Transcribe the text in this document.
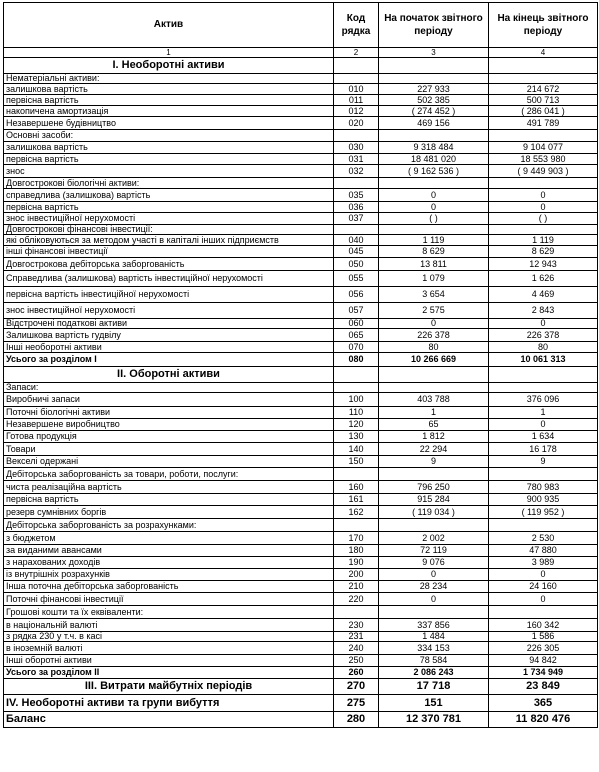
Актив	Код рядка	На початок звітного періоду	На кінець звітного періоду
1	2	3	4
I. Необоротні активи			
Нематеріальні активи:			
залишкова вартість	010	227 933	214 672
первісна вартість	011	502 385	500 713
накопичена амортизація	012	( 274 452 )	( 286 041 )
Незавершене будівництво	020	469 156	491 789
Основні засоби:			
залишкова вартість	030	9 318 484	9 104 077
первісна вартість	031	18 481 020	18 553 980
знос	032	( 9 162 536 )	( 9 449 903 )
Довгострокові біологічні активи:			
справедлива (залишкова) вартість	035	0	0
первісна вартість	036	0	0
знос інвестиційної нерухомості	037	( )	( )
Довгострокові фінансові інвестиції:			
які обліковуються за методом участі в капіталі інших підприємств	040	1 119	1 119
інші фінансові інвестиції	045	8 629	8 629
Довгострокова дебіторська заборгованість	050	13 811	12 943
Справедлива (залишкова) вартість інвестиційної нерухомості	055	1 079	1 626
первісна вартість інвестиційної нерухомості	056	3 654	4 469
знос інвестиційної нерухомості	057	2 575	2 843
Відстрочені податкові активи	060	0	0
Залишкова вартість гудвілу	065	226 378	226 378
Інші необоротні активи	070	80	80
Усього за розділом I	080	10 266 669	10 061 313
II. Оборотні активи			
Запаси:			
Виробничі запаси	100	403 788	376 096
Поточні біологічні активи	110	1	1
Незавершене виробництво	120	65	0
Готова продукція	130	1 812	1 634
Товари	140	22 294	16 178
Векселі одержані	150	9	9
Дебіторська заборгованість за товари, роботи, послуги:			
чиста реалізаційна вартість	160	796 250	780 983
первісна вартість	161	915 284	900 935
резерв сумнівних боргів	162	( 119 034 )	( 119 952 )
Дебіторська заборгованість за розрахунками:			
з бюджетом	170	2 002	2 530
за виданими авансами	180	72 119	47 880
з нарахованих доходів	190	9 076	3 989
із внутрішніх розрахунків	200	0	0
Інша поточна дебіторська заборгованість	210	28 234	24 160
Поточні фінансові інвестиції	220	0	0
Грошові кошти та їх еквіваленти:			
в національній валюті	230	337 856	160 342
з рядка 230 у т.ч. в касі	231	1 484	1 586
в іноземній валюті	240	334 153	226 305
Інші оборотні активи	250	78 584	94 842
Усього за розділом II	260	2 086 243	1 734 949
III. Витрати майбутніх періодів	270	17 718	23 849
IV. Необоротні активи та групи вибуття	275	151	365
Баланс	280	12 370 781	11 820 476
